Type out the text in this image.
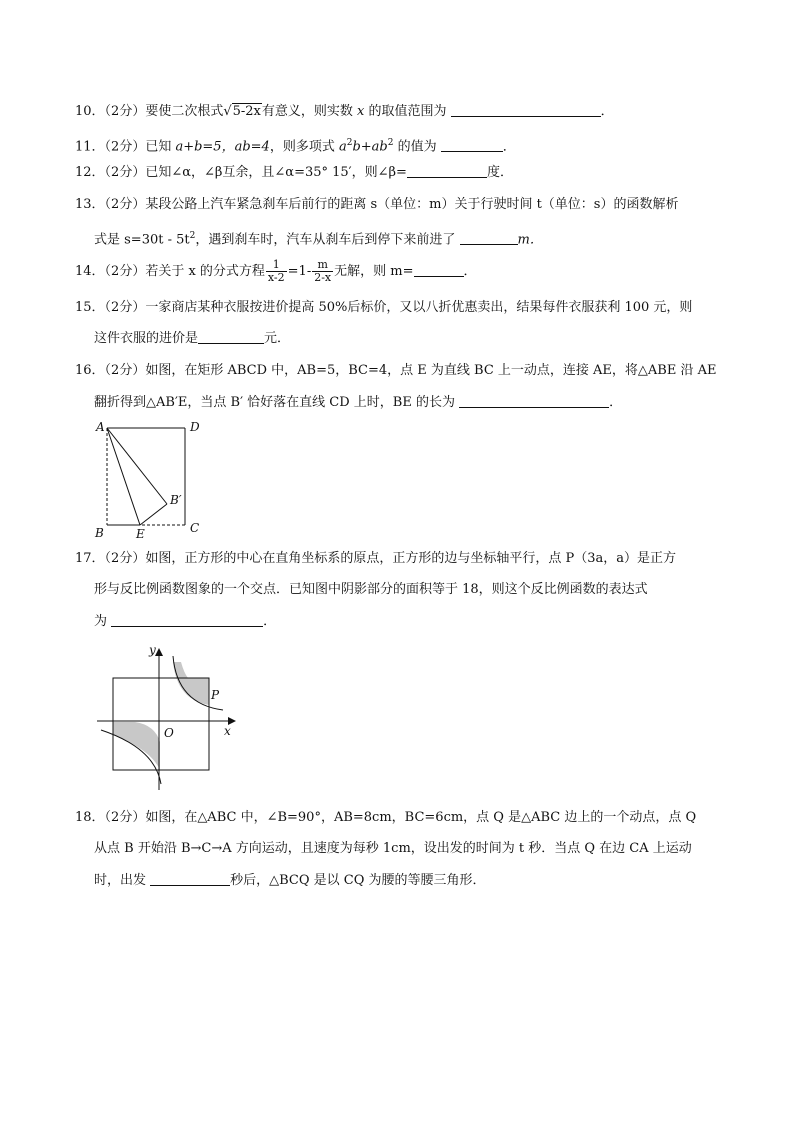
10．（2分）要使二次根式√5-2x有意义，则实数 x 的取值范围为	．
11．（2分）已知 a+b=5，ab=4，则多项式 $a^2b+ab^2$ 的值为	．
12．（2分）已知∠α，∠β互余，且∠α=35° 15′，则∠β=	度．
13．（2分）某段公路上汽车紧急刹车后前行的距离 s（单位：m）关于行驶时间 t（单位：s）的函数解析
式是 $s=30t - 5t^2$，遇到刹车时，汽车从刹车后到停下来前进了	m．
14．（2分）若关于 x 的分式方程 $\frac{1}{x-2} =1- \frac{m}{2-x}$ 无解，则 m=	．
15．（2分）一家商店某种衣服按进价提高 50%后标价，又以八折优惠卖出，结果每件衣服获利 100 元，则
这件衣服的进价是	元．
16．（2分）如图，在矩形 ABCD 中，AB=5，BC=4，点 E 为直线 BC 上一动点，连接 AE，将△ABE 沿 AE
翻折得到△AB′E，当点 B′ 恰好落在直线 CD 上时，BE 的长为	．
A	D
B	C
E
B′
17．（2分）如图，正方形的中心在直角坐标系的原点，正方形的边与坐标轴平行，点 P（3a，a）是正方
形与反比例函数图象的一个交点．已知图中阴影部分的面积等于 18，则这个反比例函数的表达式
为	．
y
x
O
P
18．（2分）如图，在△ABC 中，∠B=90°，AB=8cm，BC=6cm，点 Q 是△ABC 边上的一个动点，点 Q
从点 B 开始沿 B→C→A 方向运动，且速度为每秒 1cm，设出发的时间为 t 秒．当点 Q 在边 CA 上运动
时，出发	秒后，△BCQ 是以 CQ 为腰的等腰三角形．
